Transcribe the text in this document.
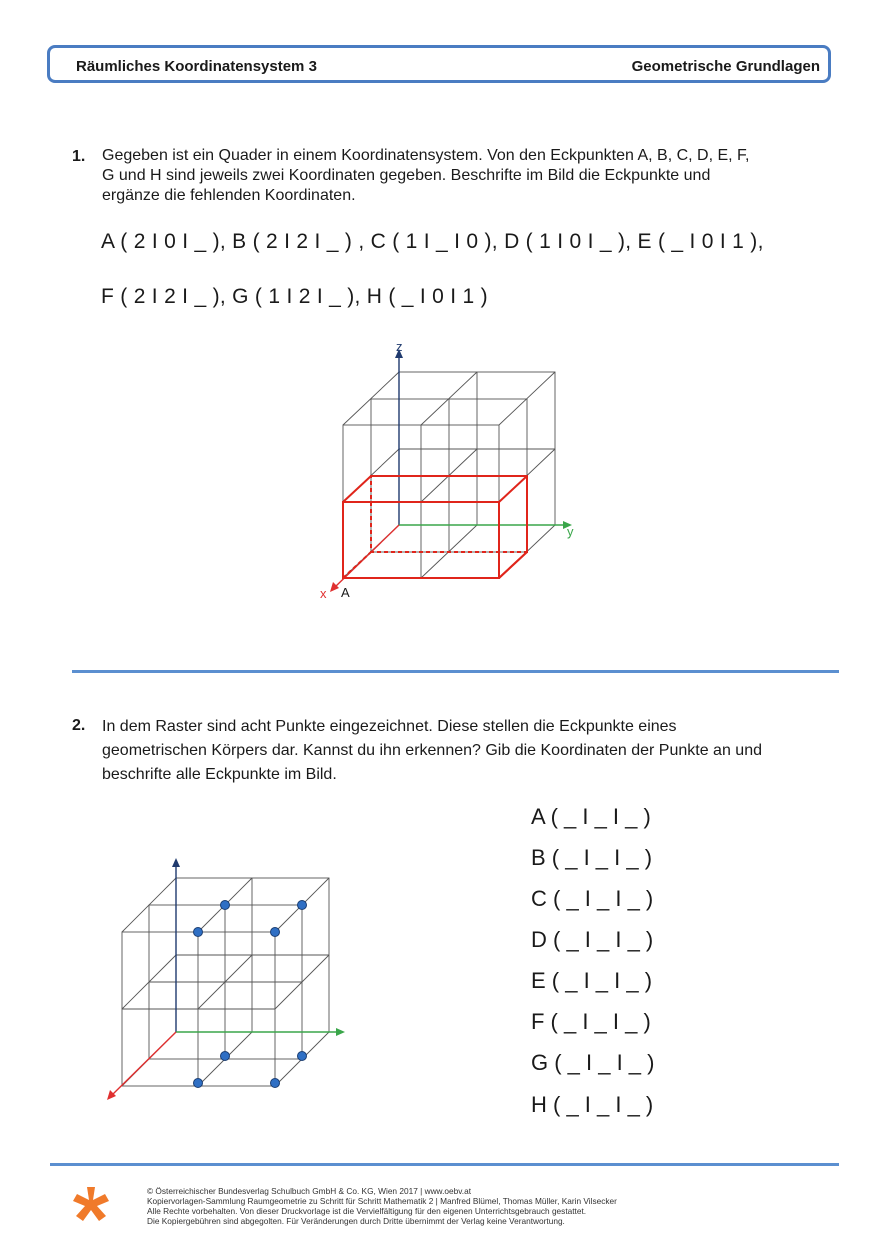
Räumliches Koordinatensystem 3	Geometrische Grundlagen
1. Gegeben ist ein Quader in einem Koordinatensystem. Von den Eckpunkten A, B, C, D, E, F,
G und H sind jeweils zwei Koordinaten gegeben. Beschrifte im Bild die Eckpunkte und
ergänze die fehlenden Koordinaten.
A ( 2 I 0 I _ ), B ( 2 I 2 I _ ) , C ( 1 I _ I 0 ), D ( 1 I 0 I _ ), E ( _ I 0 I 1 ),
F ( 2 I 2 I _ ), G ( 1 I 2 I _ ), H ( _ I 0 I 1 )
z
y
x A
2. In dem Raster sind acht Punkte eingezeichnet. Diese stellen die Eckpunkte eines
geometrischen Körpers dar. Kannst du ihn erkennen? Gib die Koordinaten der Punkte an und
beschrifte alle Eckpunkte im Bild.
A ( _ I _ I _ )
B ( _ I _ I _ )
C ( _ I _ I _ )
D ( _ I _ I _ )
E ( _ I _ I _ )
F ( _ I _ I _ )
G ( _ I _ I _ )
H ( _ I _ I _ )
© Österreichischer Bundesverlag Schulbuch GmbH & Co. KG, Wien 2017 | www.oebv.at
Kopiervorlagen-Sammlung Raumgeometrie zu Schritt für Schritt Mathematik 2 | Manfred Blümel, Thomas Müller, Karin Vilsecker
Alle Rechte vorbehalten. Von dieser Druckvorlage ist die Vervielfältigung für den eigenen Unterrichtsgebrauch gestattet.
Die Kopiergebühren sind abgegolten. Für Veränderungen durch Dritte übernimmt der Verlag keine Verantwortung.
